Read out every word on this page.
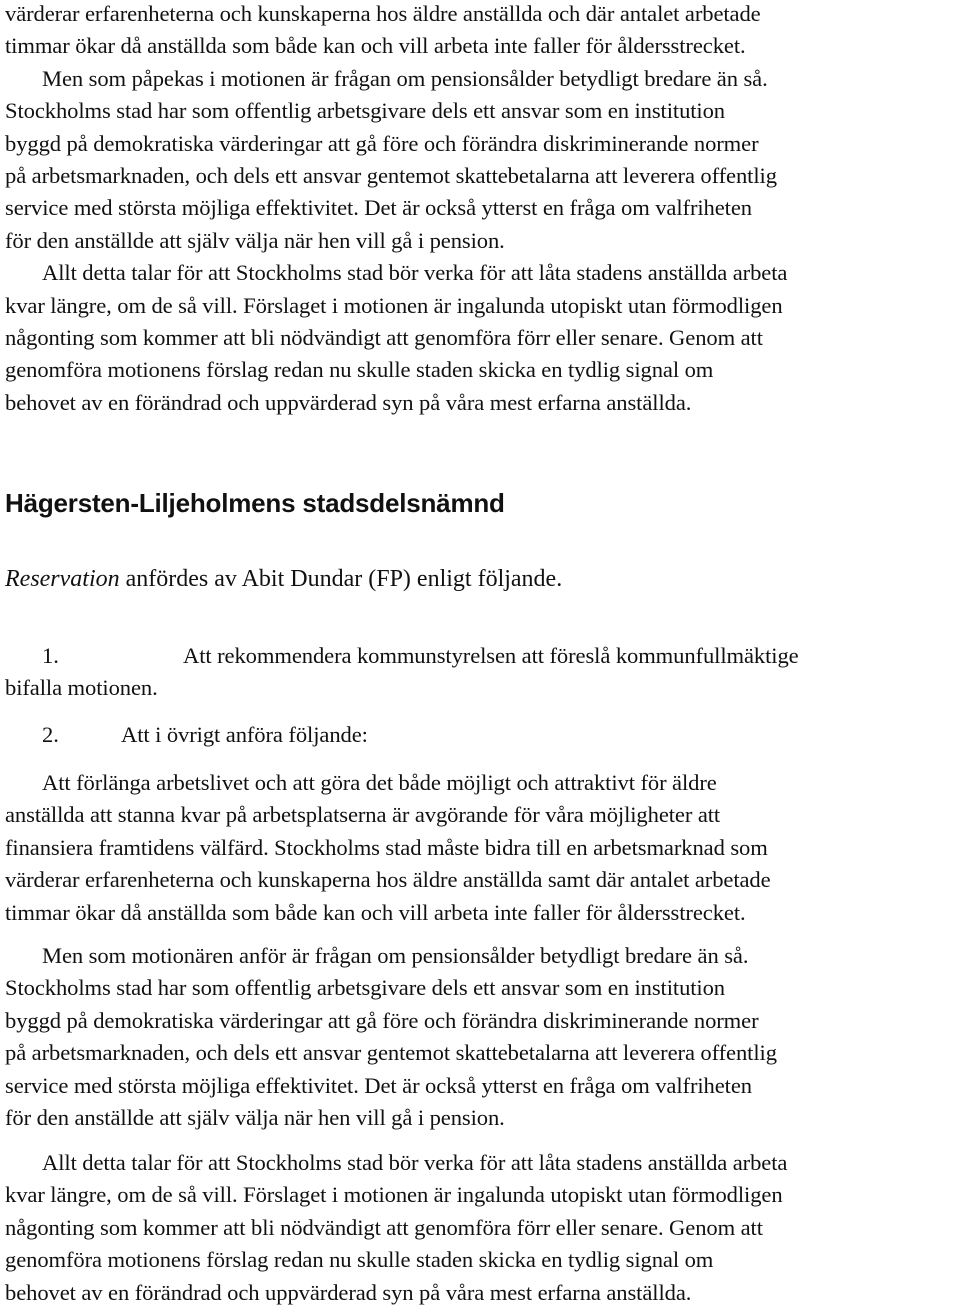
värderar erfarenheterna och kunskaperna hos äldre anställda och där antalet arbetade
timmar ökar då anställda som både kan och vill arbeta inte faller för åldersstrecket.
Men som påpekas i motionen är frågan om pensionsålder betydligt bredare än så.
Stockholms stad har som offentlig arbetsgivare dels ett ansvar som en institution
byggd på demokratiska värderingar att gå före och förändra diskriminerande normer
på arbetsmarknaden, och dels ett ansvar gentemot skattebetalarna att leverera offentlig
service med största möjliga effektivitet. Det är också ytterst en fråga om valfriheten
för den anställde att själv välja när hen vill gå i pension.
Allt detta talar för att Stockholms stad bör verka för att låta stadens anställda arbeta
kvar längre, om de så vill. Förslaget i motionen är ingalunda utopiskt utan förmodligen
någonting som kommer att bli nödvändigt att genomföra förr eller senare. Genom att
genomföra motionens förslag redan nu skulle staden skicka en tydlig signal om
behovet av en förändrad och uppvärderad syn på våra mest erfarna anställda.
Hägersten-Liljeholmens stadsdelsnämnd
Reservation anfördes av Abit Dundar (FP) enligt följande.
1.	Att rekommendera kommunstyrelsen att föreslå kommunfullmäktige
bifalla motionen.
2.	Att i övrigt anföra följande:
Att förlänga arbetslivet och att göra det både möjligt och attraktivt för äldre
anställda att stanna kvar på arbetsplatserna är avgörande för våra möjligheter att
finansiera framtidens välfärd. Stockholms stad måste bidra till en arbetsmarknad som
värderar erfarenheterna och kunskaperna hos äldre anställda samt där antalet arbetade
timmar ökar då anställda som både kan och vill arbeta inte faller för åldersstrecket.
Men som motionären anför är frågan om pensionsålder betydligt bredare än så.
Stockholms stad har som offentlig arbetsgivare dels ett ansvar som en institution
byggd på demokratiska värderingar att gå före och förändra diskriminerande normer
på arbetsmarknaden, och dels ett ansvar gentemot skattebetalarna att leverera offentlig
service med största möjliga effektivitet. Det är också ytterst en fråga om valfriheten
för den anställde att själv välja när hen vill gå i pension.
Allt detta talar för att Stockholms stad bör verka för att låta stadens anställda arbeta
kvar längre, om de så vill. Förslaget i motionen är ingalunda utopiskt utan förmodligen
någonting som kommer att bli nödvändigt att genomföra förr eller senare. Genom att
genomföra motionens förslag redan nu skulle staden skicka en tydlig signal om
behovet av en förändrad och uppvärderad syn på våra mest erfarna anställda.
